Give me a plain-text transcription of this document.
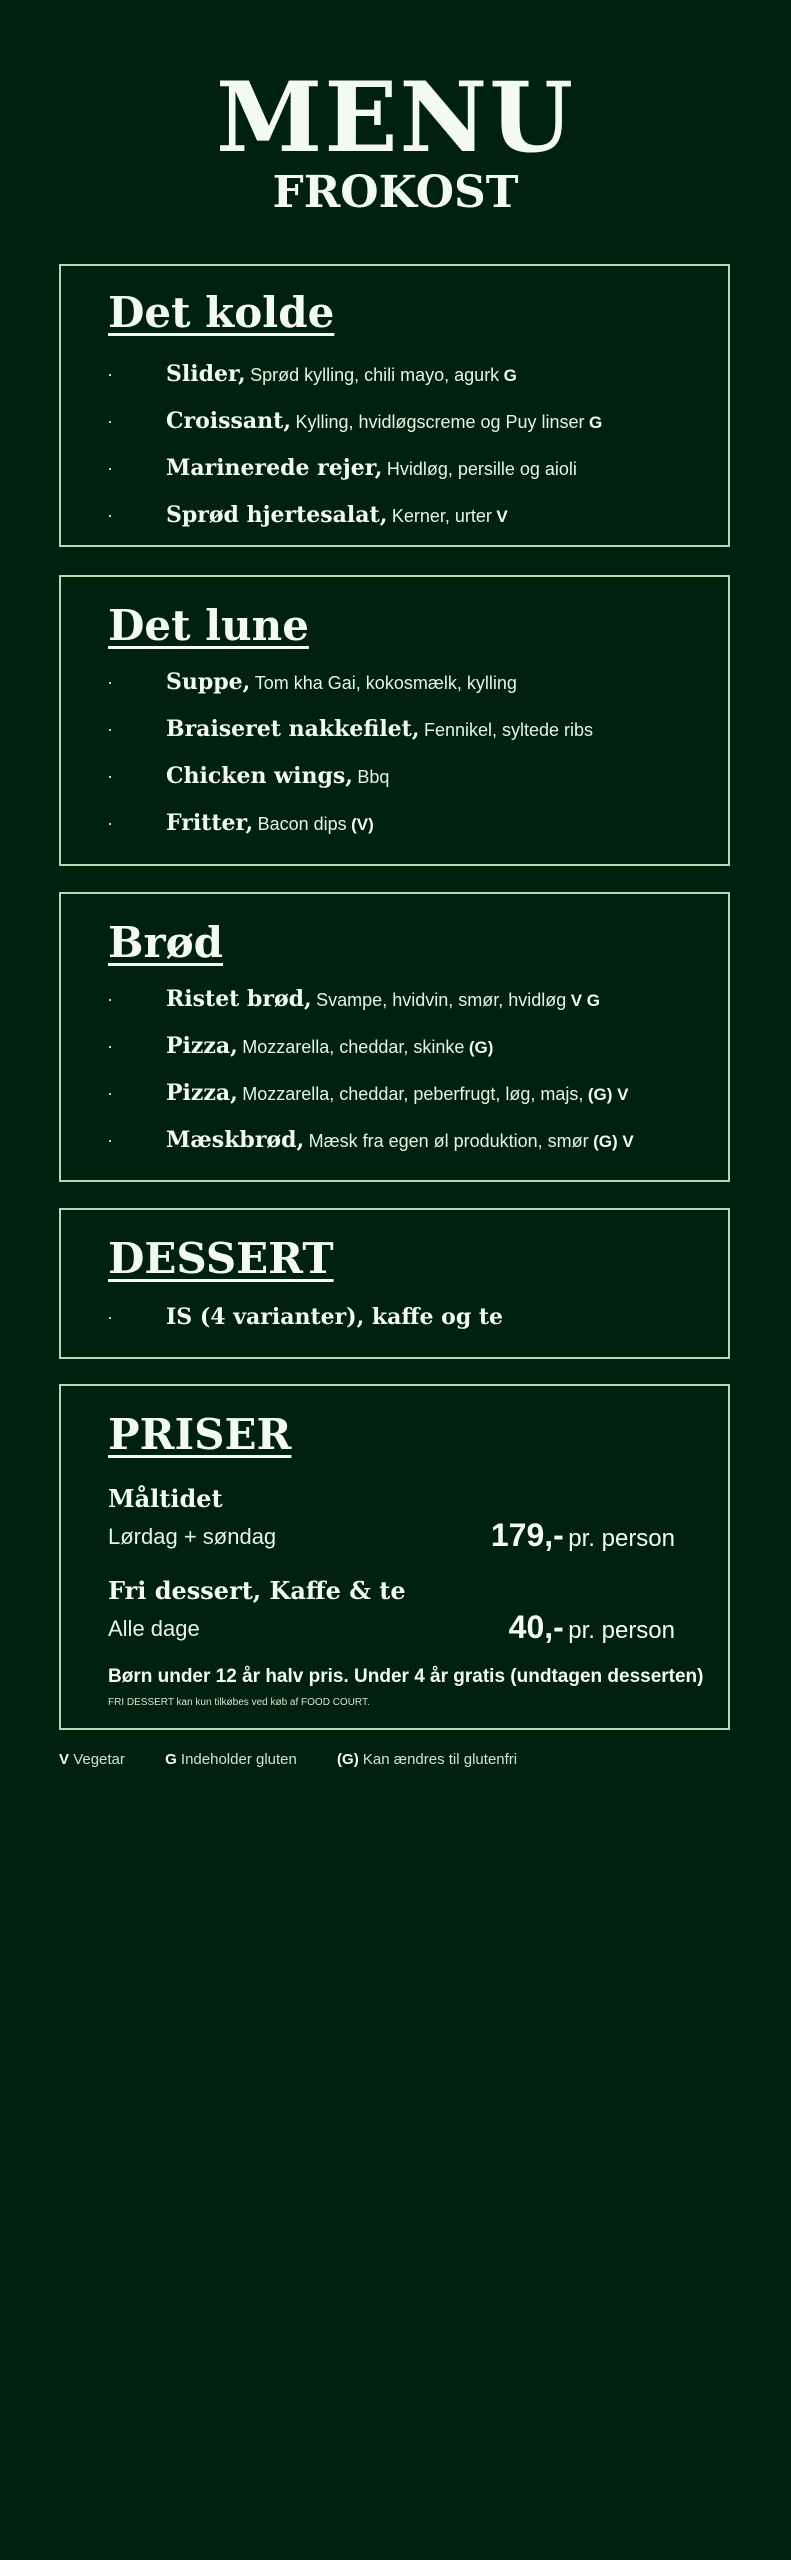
MENU
FROKOST
Det kolde
· Slider, Sprød kylling, chili mayo, agurk G
· Croissant, Kylling, hvidløgscreme og Puy linser G
· Marinerede rejer, Hvidløg, persille og aioli
· Sprød hjertesalat, Kerner, urter V
Det lune
· Suppe, Tom kha Gai, kokosmælk, kylling
· Braiseret nakkefilet, Fennikel, syltede ribs
· Chicken wings, Bbq
· Fritter, Bacon dips (V)
Brød
· Ristet brød, Svampe, hvidvin, smør, hvidløg V G
· Pizza, Mozzarella, cheddar, skinke (G)
· Pizza, Mozzarella, cheddar, peberfrugt, løg, majs, (G) V
· Mæskbrød, Mæsk fra egen øl produktion, smør (G) V
DESSERT
· IS (4 varianter), kaffe og te
PRISER
Måltidet
Lørdag + søndag	179,- pr. person
Fri dessert, Kaffe & te
Alle dage	40,- pr. person
Børn under 12 år halv pris. Under 4 år gratis (undtagen desserten)
FRI DESSERT kan kun tilkøbes ved køb af FOOD COURT.
V Vegetar	G Indeholder gluten	(G) Kan ændres til glutenfri
